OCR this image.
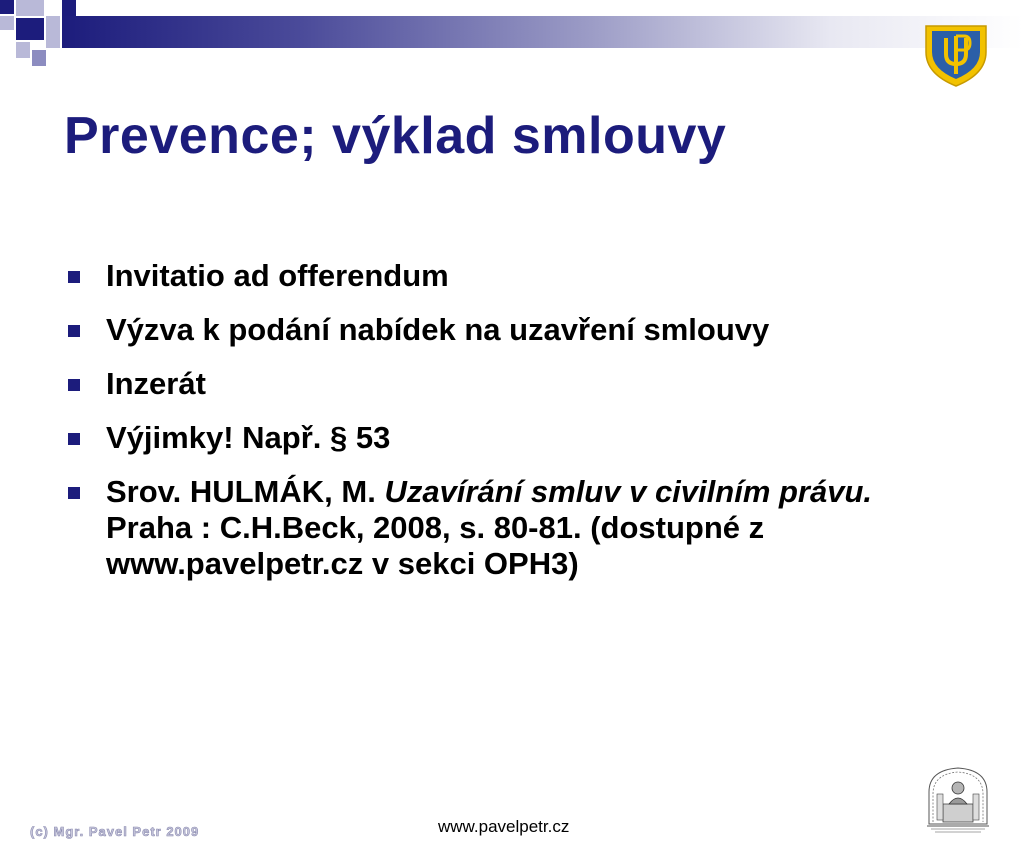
Prevence; výklad smlouvy
Invitatio ad offerendum
Výzva k podání nabídek na uzavření smlouvy
Inzerát
Výjimky! Např. § 53
Srov. HULMÁK, M. Uzavírání smluv v civilním právu. Praha : C.H.Beck, 2008, s. 80-81. (dostupné z www.pavelpetr.cz v sekci OPH3)
(c) Mgr. Pavel Petr 2009	www.pavelpetr.cz
